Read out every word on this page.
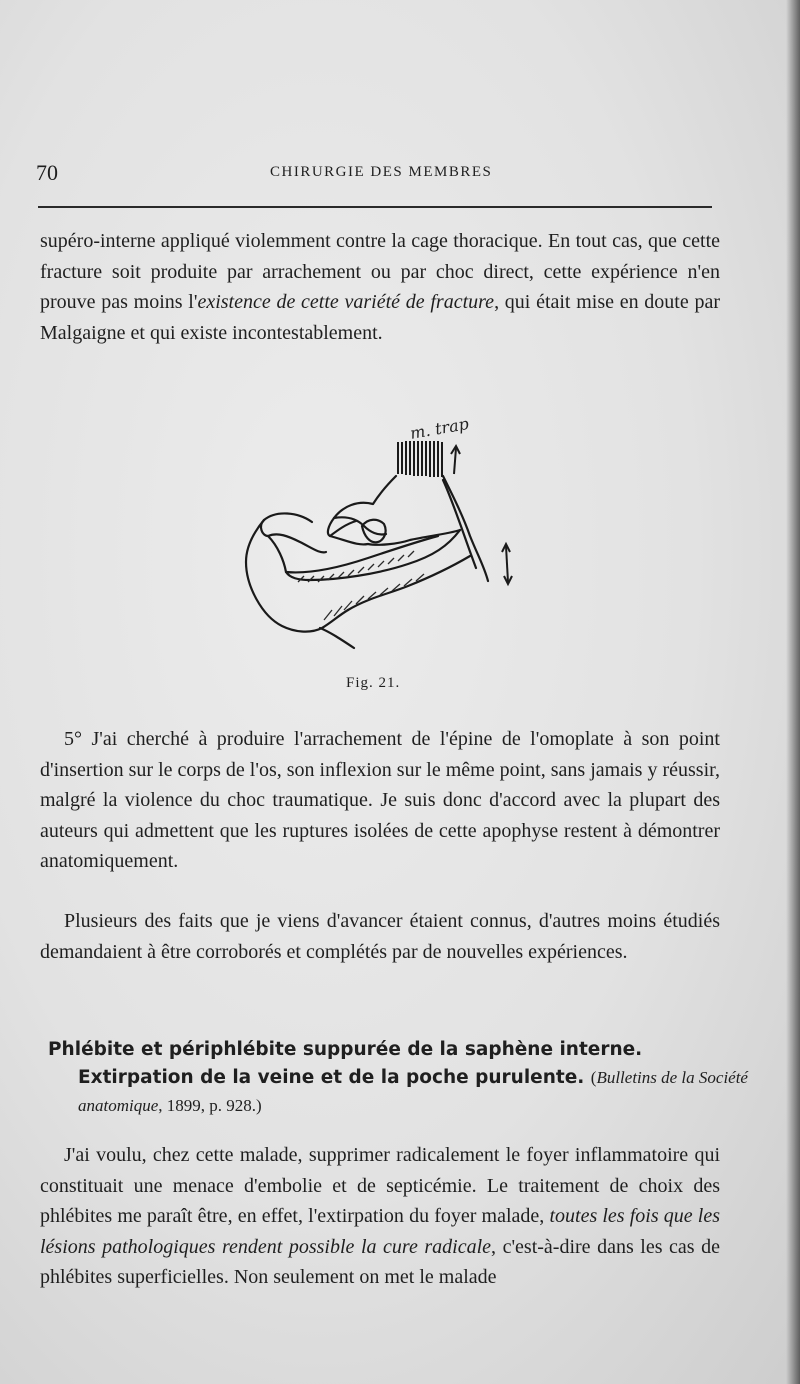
70	CHIRURGIE DES MEMBRES

supéro-interne appliqué violemment contre la cage thoracique. En tout cas, que cette fracture soit produite par arrachement ou par choc direct, cette expérience n'en prouve pas moins l'existence de cette variété de fracture, qui était mise en doute par Malgaigne et qui existe incontestablement.

m. trap
Fig. 21.

5° J'ai cherché à produire l'arrachement de l'épine de l'omoplate à son point d'insertion sur le corps de l'os, son inflexion sur le même point, sans jamais y réussir, malgré la violence du choc traumatique. Je suis donc d'accord avec la plupart des auteurs qui admettent que les ruptures isolées de cette apophyse restent à démontrer anatomiquement.

Plusieurs des faits que je viens d'avancer étaient connus, d'autres moins étudiés demandaient à être corroborés et complétés par de nouvelles expériences.

Phlébite et périphlébite suppurée de la saphène interne. Extirpation de la veine et de la poche purulente. (Bulletins de la Société anatomique, 1899, p. 928.)

J'ai voulu, chez cette malade, supprimer radicalement le foyer inflammatoire qui constituait une menace d'embolie et de septicémie. Le traitement de choix des phlébites me paraît être, en effet, l'extirpation du foyer malade, toutes les fois que les lésions pathologiques rendent possible la cure radicale, c'est-à-dire dans les cas de phlébites superficielles. Non seulement on met le malade
